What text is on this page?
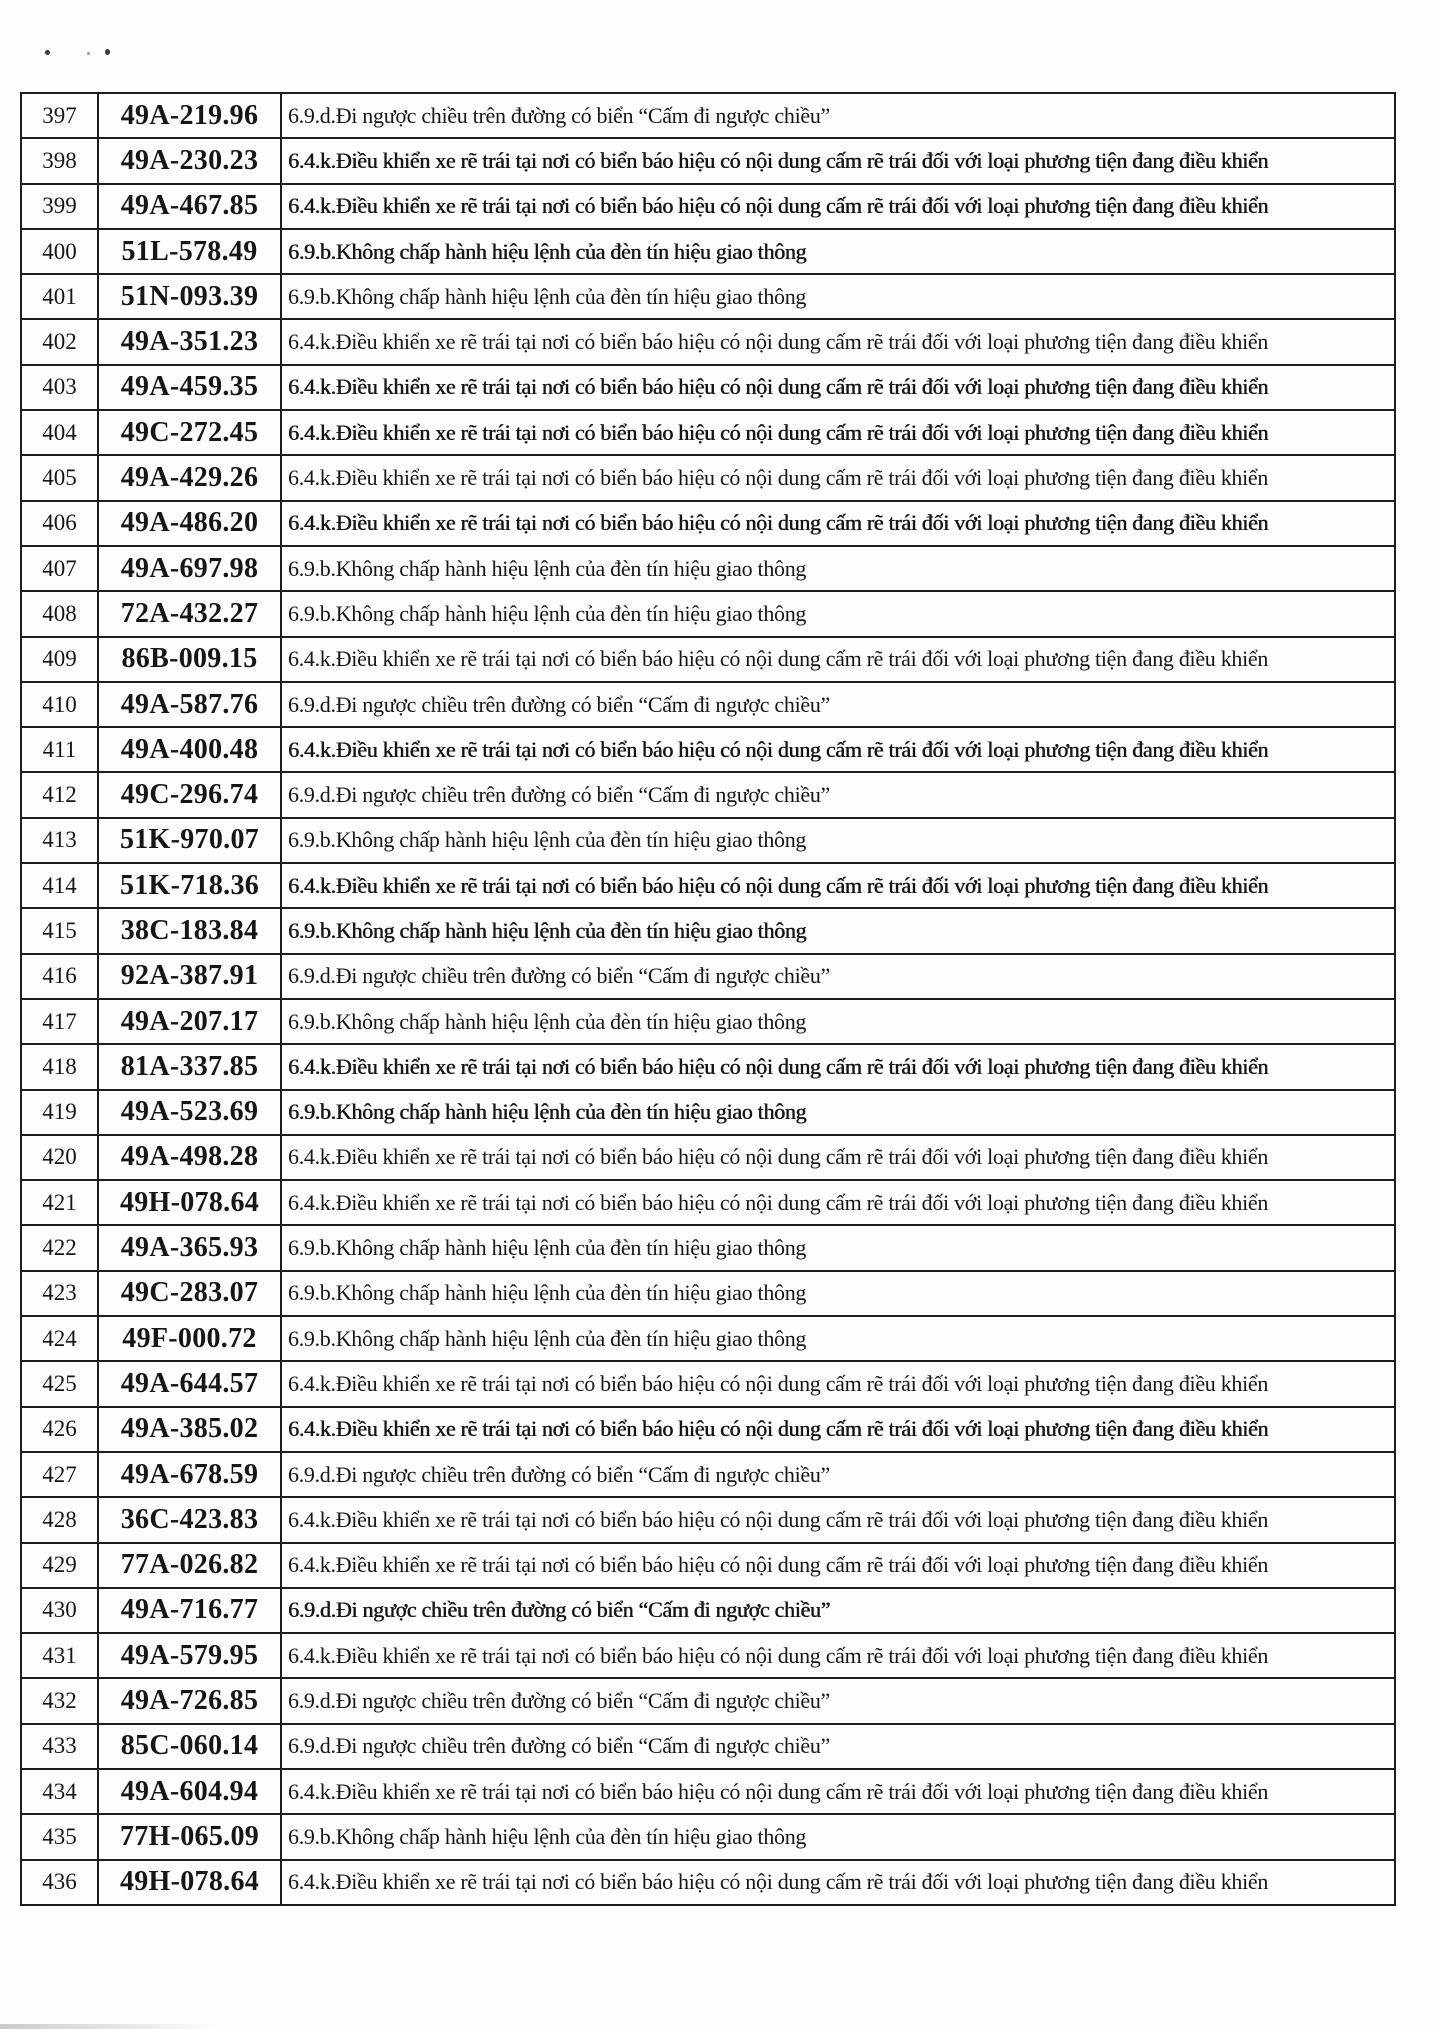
397	49A-219.96	6.9.d.Đi ngược chiều trên đường có biển “Cấm đi ngược chiều”
398	49A-230.23	6.4.k.Điều khiển xe rẽ trái tại nơi có biển báo hiệu có nội dung cấm rẽ trái đối với loại phương tiện đang điều khiển
399	49A-467.85	6.4.k.Điều khiển xe rẽ trái tại nơi có biển báo hiệu có nội dung cấm rẽ trái đối với loại phương tiện đang điều khiển
400	51L-578.49	6.9.b.Không chấp hành hiệu lệnh của đèn tín hiệu giao thông
401	51N-093.39	6.9.b.Không chấp hành hiệu lệnh của đèn tín hiệu giao thông
402	49A-351.23	6.4.k.Điều khiển xe rẽ trái tại nơi có biển báo hiệu có nội dung cấm rẽ trái đối với loại phương tiện đang điều khiển
403	49A-459.35	6.4.k.Điều khiển xe rẽ trái tại nơi có biển báo hiệu có nội dung cấm rẽ trái đối với loại phương tiện đang điều khiển
404	49C-272.45	6.4.k.Điều khiển xe rẽ trái tại nơi có biển báo hiệu có nội dung cấm rẽ trái đối với loại phương tiện đang điều khiển
405	49A-429.26	6.4.k.Điều khiển xe rẽ trái tại nơi có biển báo hiệu có nội dung cấm rẽ trái đối với loại phương tiện đang điều khiển
406	49A-486.20	6.4.k.Điều khiển xe rẽ trái tại nơi có biển báo hiệu có nội dung cấm rẽ trái đối với loại phương tiện đang điều khiển
407	49A-697.98	6.9.b.Không chấp hành hiệu lệnh của đèn tín hiệu giao thông
408	72A-432.27	6.9.b.Không chấp hành hiệu lệnh của đèn tín hiệu giao thông
409	86B-009.15	6.4.k.Điều khiển xe rẽ trái tại nơi có biển báo hiệu có nội dung cấm rẽ trái đối với loại phương tiện đang điều khiển
410	49A-587.76	6.9.d.Đi ngược chiều trên đường có biển “Cấm đi ngược chiều”
411	49A-400.48	6.4.k.Điều khiển xe rẽ trái tại nơi có biển báo hiệu có nội dung cấm rẽ trái đối với loại phương tiện đang điều khiển
412	49C-296.74	6.9.d.Đi ngược chiều trên đường có biển “Cấm đi ngược chiều”
413	51K-970.07	6.9.b.Không chấp hành hiệu lệnh của đèn tín hiệu giao thông
414	51K-718.36	6.4.k.Điều khiển xe rẽ trái tại nơi có biển báo hiệu có nội dung cấm rẽ trái đối với loại phương tiện đang điều khiển
415	38C-183.84	6.9.b.Không chấp hành hiệu lệnh của đèn tín hiệu giao thông
416	92A-387.91	6.9.d.Đi ngược chiều trên đường có biển “Cấm đi ngược chiều”
417	49A-207.17	6.9.b.Không chấp hành hiệu lệnh của đèn tín hiệu giao thông
418	81A-337.85	6.4.k.Điều khiển xe rẽ trái tại nơi có biển báo hiệu có nội dung cấm rẽ trái đối với loại phương tiện đang điều khiển
419	49A-523.69	6.9.b.Không chấp hành hiệu lệnh của đèn tín hiệu giao thông
420	49A-498.28	6.4.k.Điều khiển xe rẽ trái tại nơi có biển báo hiệu có nội dung cấm rẽ trái đối với loại phương tiện đang điều khiển
421	49H-078.64	6.4.k.Điều khiển xe rẽ trái tại nơi có biển báo hiệu có nội dung cấm rẽ trái đối với loại phương tiện đang điều khiển
422	49A-365.93	6.9.b.Không chấp hành hiệu lệnh của đèn tín hiệu giao thông
423	49C-283.07	6.9.b.Không chấp hành hiệu lệnh của đèn tín hiệu giao thông
424	49F-000.72	6.9.b.Không chấp hành hiệu lệnh của đèn tín hiệu giao thông
425	49A-644.57	6.4.k.Điều khiển xe rẽ trái tại nơi có biển báo hiệu có nội dung cấm rẽ trái đối với loại phương tiện đang điều khiển
426	49A-385.02	6.4.k.Điều khiển xe rẽ trái tại nơi có biển báo hiệu có nội dung cấm rẽ trái đối với loại phương tiện đang điều khiển
427	49A-678.59	6.9.d.Đi ngược chiều trên đường có biển “Cấm đi ngược chiều”
428	36C-423.83	6.4.k.Điều khiển xe rẽ trái tại nơi có biển báo hiệu có nội dung cấm rẽ trái đối với loại phương tiện đang điều khiển
429	77A-026.82	6.4.k.Điều khiển xe rẽ trái tại nơi có biển báo hiệu có nội dung cấm rẽ trái đối với loại phương tiện đang điều khiển
430	49A-716.77	6.9.d.Đi ngược chiều trên đường có biển “Cấm đi ngược chiều”
431	49A-579.95	6.4.k.Điều khiển xe rẽ trái tại nơi có biển báo hiệu có nội dung cấm rẽ trái đối với loại phương tiện đang điều khiển
432	49A-726.85	6.9.d.Đi ngược chiều trên đường có biển “Cấm đi ngược chiều”
433	85C-060.14	6.9.d.Đi ngược chiều trên đường có biển “Cấm đi ngược chiều”
434	49A-604.94	6.4.k.Điều khiển xe rẽ trái tại nơi có biển báo hiệu có nội dung cấm rẽ trái đối với loại phương tiện đang điều khiển
435	77H-065.09	6.9.b.Không chấp hành hiệu lệnh của đèn tín hiệu giao thông
436	49H-078.64	6.4.k.Điều khiển xe rẽ trái tại nơi có biển báo hiệu có nội dung cấm rẽ trái đối với loại phương tiện đang điều khiển
